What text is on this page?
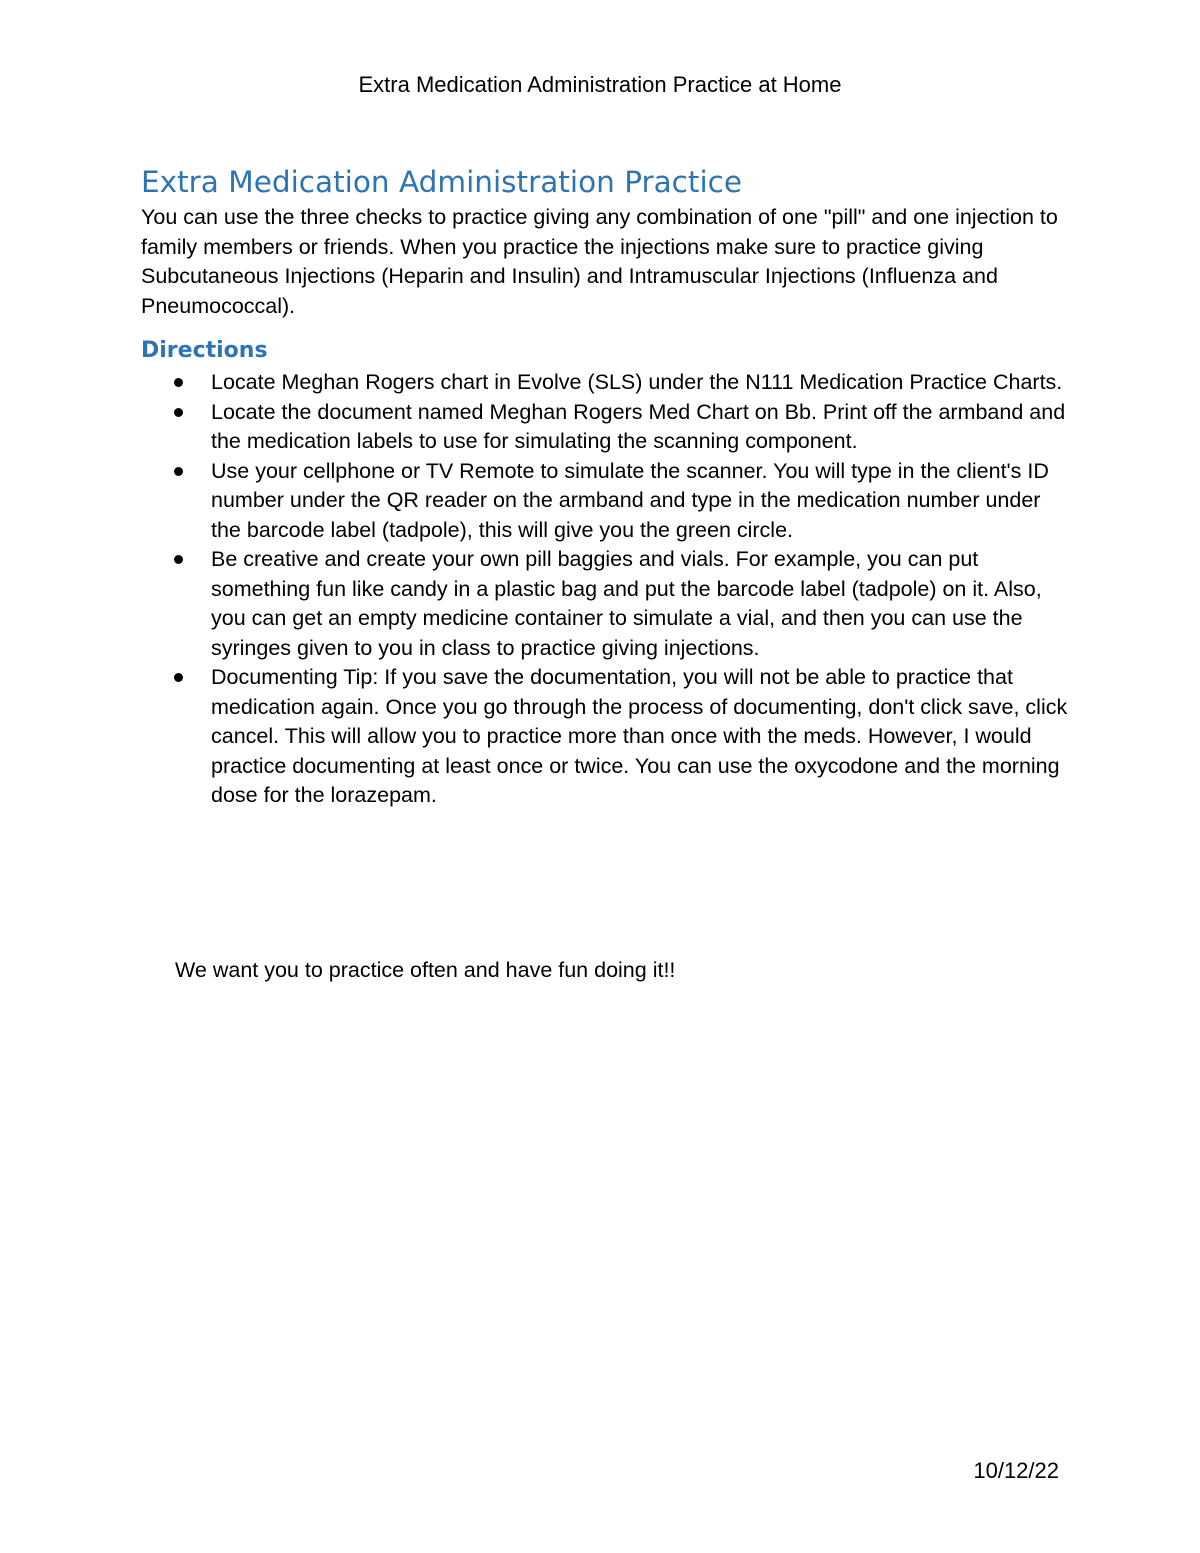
Extra Medication Administration Practice at Home
Extra Medication Administration Practice

You can use the three checks to practice giving any combination of one "pill" and one injection to family members or friends. When you practice the injections make sure to practice giving Subcutaneous Injections (Heparin and Insulin) and Intramuscular Injections (Influenza and Pneumococcal).

Directions
Locate Meghan Rogers chart in Evolve (SLS) under the N111 Medication Practice Charts.
Locate the document named Meghan Rogers Med Chart on Bb. Print off the armband and the medication labels to use for simulating the scanning component.
Use your cellphone or TV Remote to simulate the scanner. You will type in the client's ID number under the QR reader on the armband and type in the medication number under the barcode label (tadpole), this will give you the green circle.
Be creative and create your own pill baggies and vials. For example, you can put something fun like candy in a plastic bag and put the barcode label (tadpole) on it. Also, you can get an empty medicine container to simulate a vial, and then you can use the syringes given to you in class to practice giving injections.
Documenting Tip: If you save the documentation, you will not be able to practice that medication again. Once you go through the process of documenting, don't click save, click cancel. This will allow you to practice more than once with the meds. However, I would practice documenting at least once or twice. You can use the oxycodone and the morning dose for the lorazepam.

We want you to practice often and have fun doing it!!

10/12/22
